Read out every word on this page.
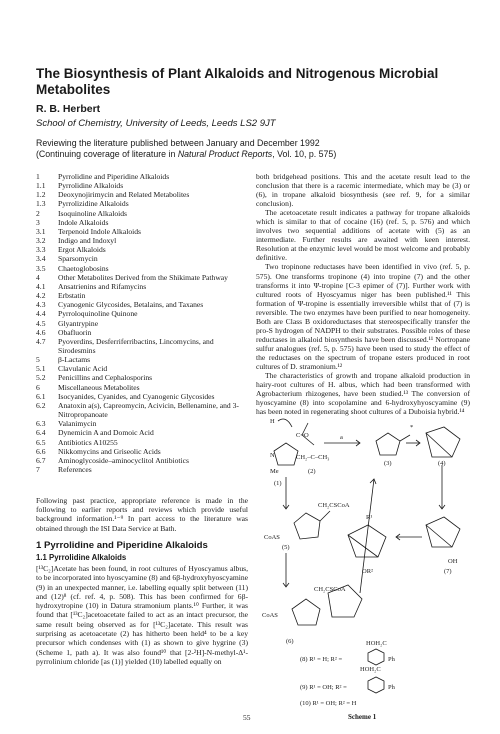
The Biosynthesis of Plant Alkaloids and Nitrogenous Microbial Metabolites
R. B. Herbert
School of Chemistry, University of Leeds, Leeds LS2 9JT
Reviewing the literature published between January and December 1992
(Continuing coverage of literature in Natural Product Reports, Vol. 10, p. 575)
1	Pyrrolidine and Piperidine Alkaloids
1.1	Pyrrolidine Alkaloids
1.2	Deoxynojirimycin and Related Metabolites
1.3	Pyrrolizidine Alkaloids
2	Isoquinoline Alkaloids
3	Indole Alkaloids
3.1	Terpenoid Indole Alkaloids
3.2	Indigo and Indoxyl
3.3	Ergot Alkaloids
3.4	Sparsomycin
3.5	Chaetoglobosins
4	Other Metabolites Derived from the Shikimate Pathway
4.1	Ansatrienins and Rifamycins
4.2	Erbstatin
4.3	Cyanogenic Glycosides, Betalains, and Taxanes
4.4	Pyrroloquinoline Quinone
4.5	Glyantrypine
4.6	Obafluorin
4.7	Pyoverdins, Desferriferribactins, Lincomycins, and Sirodesmins
5	β-Lactams
5.1	Clavulanic Acid
5.2	Penicillins and Cephalosporins
6	Miscellaneous Metabolites
6.1	Isocyanides, Cyanides, and Cyanogenic Glycosides
6.2	Anatoxin a(s), Capreomycin, Acivicin, Bellenamine, and 3-Nitropropanoate
6.3	Valanimycin
6.4	Dynemicin A and Domoic Acid
6.5	Antibiotics A10255
6.6	Nikkomycins and Griseolic Acids
6.7	Aminoglycoside–aminocyclitol Antibiotics
7	References
Following past practice, appropriate reference is made in the following to earlier reports and reviews which provide useful background information.¹⁻⁹ In part access to the literature was obtained through the ISI Data Service at Bath.
1 Pyrrolidine and Piperidine Alkaloids
1.1 Pyrrolidine Alkaloids
[¹³C₂]Acetate has been found, in root cultures of Hyoscyamus albus, to be incorporated into hyoscyamine (8) and 6β-hydroxyhyoscyamine (9) in an unexpected manner, i.e. labelling equally split between (11) and (12)⁸ (cf. ref. 4, p. 508). This has been confirmed for 6β-hydroxytropine (10) in Datura stramonium plants.¹⁰ Further, it was found that [¹³C₂]acetoacetate failed to act as an intact precursor, the same result being observed as for [¹³C₂]acetate. This result was surprising as acetoacetate (2) has hitherto been held⁴ to be a key precursor which condenses with (1) as shown to give hygrine (3) (Scheme 1, path a). It was also found¹⁰ that [2-²H]-N-methyl-Δ¹-pyrrolinium chloride [as (1)] yielded (10) labelled equally on

both bridgehead positions. This and the acetate result lead to the conclusion that there is a racemic intermediate, which may be (3) or (6), in tropane alkaloid biosynthesis (see ref. 9, for a similar conclusion).

The acetoacetate result indicates a pathway for tropane alkaloids which is similar to that of cocaine (16) (ref. 5, p. 576) and which involves two sequential additions of acetate with (5) as an intermediate. Further results are awaited with keen interest. Resolution at the enzymic level would be most welcome and probably definitive.

Two tropinone reductases have been identified in vivo (ref. 5, p. 575). One transforms tropinone (4) into tropine (7) and the other transforms it into Ψ-tropine [C-3 epimer of (7)]. Further work with cultured roots of Hyoscyamus niger has been published.¹¹ This formation of Ψ-tropine is essentially irreversible whilst that of (7) is reversible. The two enzymes have been purified to near homogeneity. Both are Class B oxidoreductases that stereospecifically transfer the pro-S hydrogen of NADPH to their substrates. Possible roles of these reductases in alkaloid biosynthesis have been discussed.¹¹ Nortropane sulfur analogues (ref. 5, p. 575) have been used to study the effect of the reductases on the spectrum of tropane esters produced in root cultures of D. stramonium.¹²

The characteristics of growth and tropane alkaloid production in hairy-root cultures of H. albus, which had been transformed with Agrobacterium rhizogenes, have been studied.¹³ The conversion of hyoscyamine (8) into scopolamine and 6-hydroxyhyoscyamine (9) has been noted in regenerating shoot cultures of a Duboisia hybrid.¹⁴

H
C=O
CH₂–C–CH₃
N
Me
(1)
(2)
a
*
(3)	(4)
CH₂CSCoA
CoAS
(5)
CH₂CSCoA
CoAS
(6)
R¹
OR²
OH
(7)
HOH₂C
HOH₂C
(8) R¹ = H; R² =
(9) R¹ = OH; R² =
(10) R¹ = OH; R² = H
Ph
Ph
Scheme 1
55
